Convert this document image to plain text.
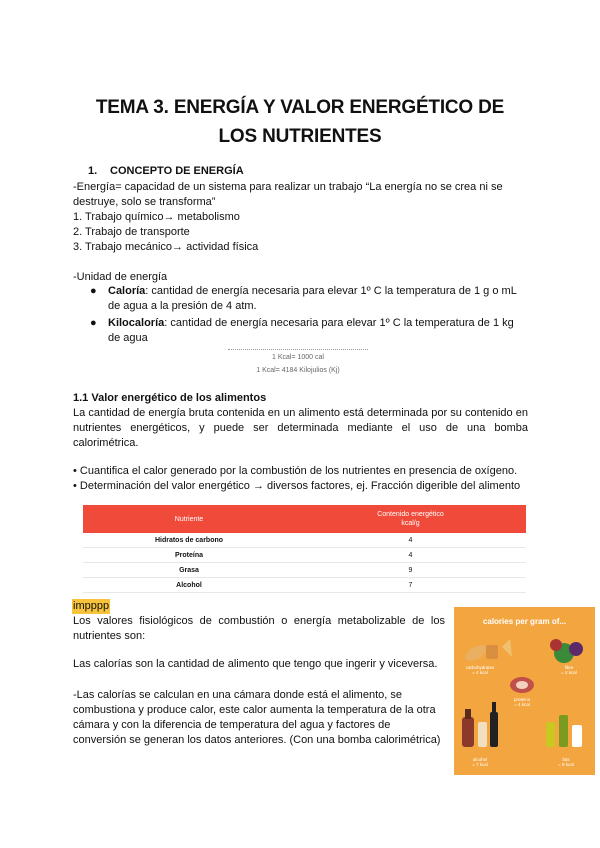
TEMA 3. ENERGÍA Y VALOR ENERGÉTICO DE
LOS NUTRIENTES
1. CONCEPTO DE ENERGÍA
-Energía= capacidad de un sistema para realizar un trabajo “La energía no se crea ni se destruye, solo se transforma”
1. Trabajo químico→ metabolismo
2. Trabajo de transporte
3. Trabajo mecánico→ actividad física
-Unidad de energía
● Caloría: cantidad de energía necesaria para elevar 1º C la temperatura de 1 g o mL de agua a la presión de 4 atm.
● Kilocaloría: cantidad de energía necesaria para elevar 1º C la temperatura de 1 kg de agua
1 Kcal= 1000 cal
1 Kcal= 4184 Kilojulios (Kj)
1.1 Valor energético de los alimentos
La cantidad de energía bruta contenida en un alimento está determinada por su contenido en nutrientes energéticos, y puede ser determinada mediante el uso de una bomba calorimétrica.
• Cuantifica el calor generado por la combustión de los nutrientes en presencia de oxígeno.
• Determinación del valor energético → diversos factores, ej. Fracción digerible del alimento
Nutriente	Contenido energético
kcal/g

Hidratos de carbono	4
Proteína	4
Grasa	9
Alcohol	7
impppp
Los valores fisiológicos de combustión o energía metabolizable de los nutrientes son:
Las calorías son la cantidad de alimento que tengo que ingerir y viceversa.
-Las calorías se calculan en una cámara donde está el alimento, se combustiona y produce calor, este calor aumenta la temperatura de la otra cámara y con la diferencia de temperatura del agua y factores de conversión se generan los datos anteriores. (Con una bomba calorimétrica)
calories per gram of...
carbohydrates
= 4 kcal
fibre
= 2 kcal
proteins
= 4 kcal
alcohol
= 7 kcal
fats
= 9 kcal
